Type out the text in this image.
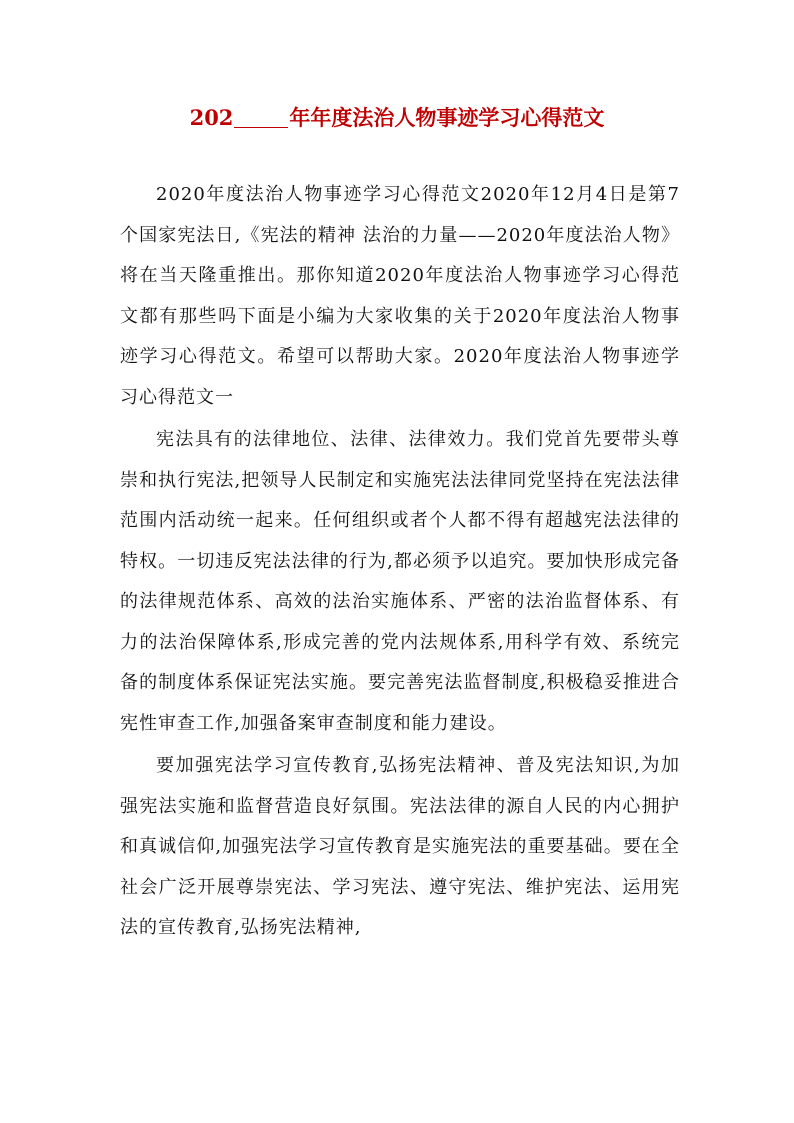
202	年年度法治人物事迹学习心得范文

2020年度法治人物事迹学习心得范文2020年12月4日是第7个国家宪法日,《宪法的精神 法治的力量——2020年度法治人物》将在当天隆重推出。那你知道2020年度法治人物事迹学习心得范文都有那些吗下面是小编为大家收集的关于2020年度法治人物事迹学习心得范文。希望可以帮助大家。2020年度法治人物事迹学习心得范文一

宪法具有的法律地位、法律、法律效力。我们党首先要带头尊崇和执行宪法,把领导人民制定和实施宪法法律同党坚持在宪法法律范围内活动统一起来。任何组织或者个人都不得有超越宪法法律的特权。一切违反宪法法律的行为,都必须予以追究。要加快形成完备的法律规范体系、高效的法治实施体系、严密的法治监督体系、有力的法治保障体系,形成完善的党内法规体系,用科学有效、系统完备的制度体系保证宪法实施。要完善宪法监督制度,积极稳妥推进合宪性审查工作,加强备案审查制度和能力建设。

要加强宪法学习宣传教育,弘扬宪法精神、普及宪法知识,为加强宪法实施和监督营造良好氛围。宪法法律的源自人民的内心拥护和真诚信仰,加强宪法学习宣传教育是实施宪法的重要基础。要在全社会广泛开展尊崇宪法、学习宪法、遵守宪法、维护宪法、运用宪法的宣传教育,弘扬宪法精神,
